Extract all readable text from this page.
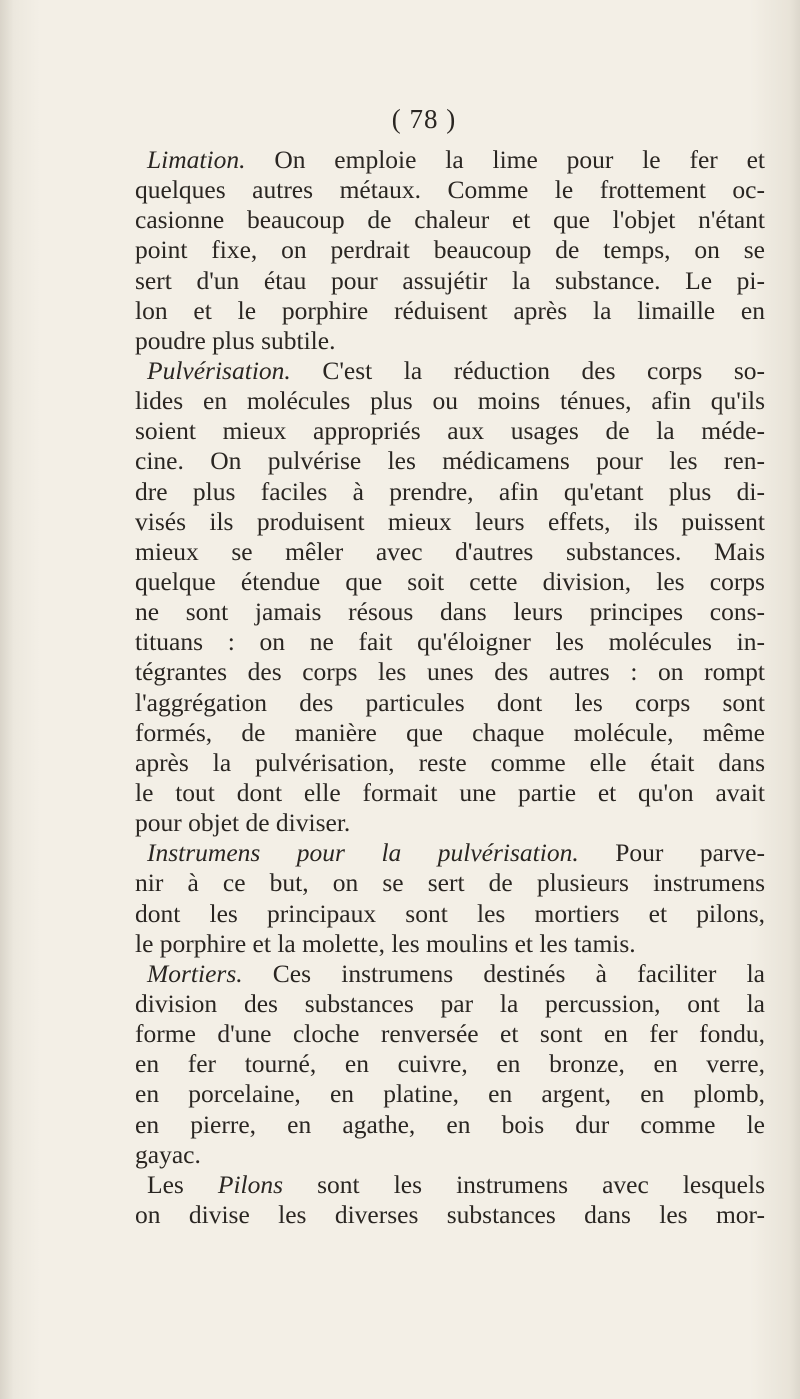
( 78 )
Limation. On emploie la lime pour le fer et
quelques autres métaux. Comme le frottement oc-
casionne beaucoup de chaleur et que l'objet n'étant
point fixe, on perdrait beaucoup de temps, on se
sert d'un étau pour assujétir la substance. Le pi-
lon et le porphire réduisent après la limaille en
poudre plus subtile.
Pulvérisation. C'est la réduction des corps so-
lides en molécules plus ou moins ténues, afin qu'ils
soient mieux appropriés aux usages de la méde-
cine. On pulvérise les médicamens pour les ren-
dre plus faciles à prendre, afin qu'etant plus di-
visés ils produisent mieux leurs effets, ils puissent
mieux se mêler avec d'autres substances. Mais
quelque étendue que soit cette division, les corps
ne sont jamais résous dans leurs principes cons-
tituans : on ne fait qu'éloigner les molécules in-
tégrantes des corps les unes des autres : on rompt
l'aggrégation des particules dont les corps sont
formés, de manière que chaque molécule, même
après la pulvérisation, reste comme elle était dans
le tout dont elle formait une partie et qu'on avait
pour objet de diviser.
Instrumens pour la pulvérisation. Pour parve-
nir à ce but, on se sert de plusieurs instrumens
dont les principaux sont les mortiers et pilons,
le porphire et la molette, les moulins et les tamis.
Mortiers. Ces instrumens destinés à faciliter la
division des substances par la percussion, ont la
forme d'une cloche renversée et sont en fer fondu,
en fer tourné, en cuivre, en bronze, en verre,
en porcelaine, en platine, en argent, en plomb,
en pierre, en agathe, en bois dur comme le
gayac.
Les Pilons sont les instrumens avec lesquels
on divise les diverses substances dans les mor-
